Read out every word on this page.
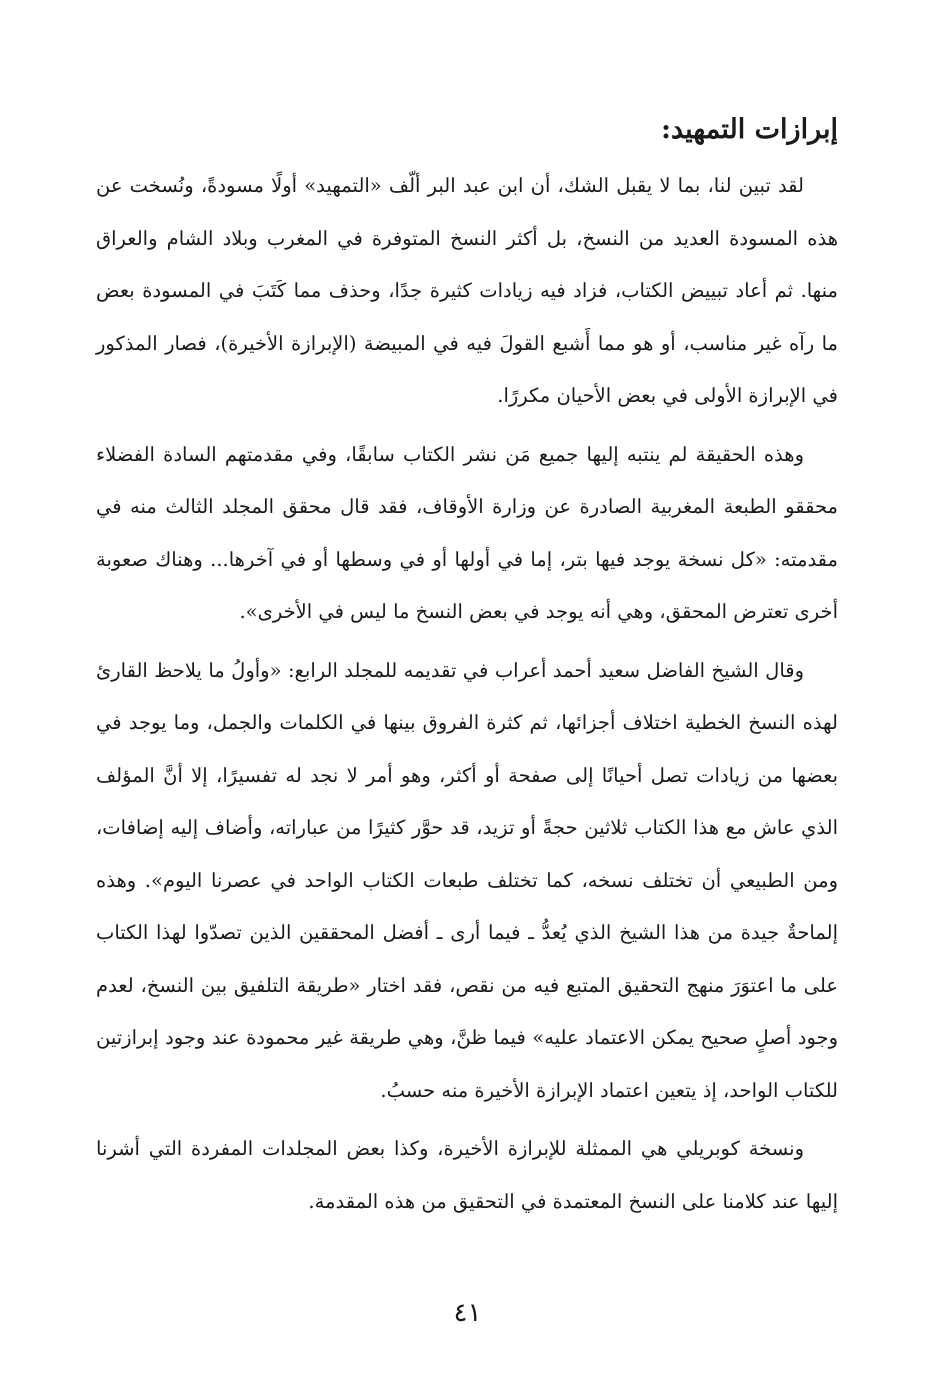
إبرازات التمهيد:

لقد تبين لنا، بما لا يقبل الشك، أن ابن عبد البر ألّف «التمهيد» أولًا مسودةً، ونُسخت عن هذه المسودة العديد من النسخ، بل أكثر النسخ المتوفرة في المغرب وبلاد الشام والعراق منها. ثم أعاد تبييض الكتاب، فزاد فيه زيادات كثيرة جدًا، وحذف مما كَتَبَ في المسودة بعض ما رآه غير مناسب، أو هو مما أَشبع القولَ فيه في المبيضة (الإبرازة الأخيرة)، فصار المذكور في الإبرازة الأولى في بعض الأحيان مكررًا.

وهذه الحقيقة لم ينتبه إليها جميع مَن نشر الكتاب سابقًا، وفي مقدمتهم السادة الفضلاء محققو الطبعة المغربية الصادرة عن وزارة الأوقاف، فقد قال محقق المجلد الثالث منه في مقدمته: «كل نسخة يوجد فيها بتر، إما في أولها أو في وسطها أو في آخرها... وهناك صعوبة أخرى تعترض المحقق، وهي أنه يوجد في بعض النسخ ما ليس في الأخرى».

وقال الشيخ الفاضل سعيد أحمد أعراب في تقديمه للمجلد الرابع: «وأولُ ما يلاحظ القارئ لهذه النسخ الخطية اختلاف أجزائها، ثم كثرة الفروق بينها في الكلمات والجمل، وما يوجد في بعضها من زيادات تصل أحيانًا إلى صفحة أو أكثر، وهو أمر لا نجد له تفسيرًا، إلا أنَّ المؤلف الذي عاش مع هذا الكتاب ثلاثين حجةً أو تزيد، قد حوَّر كثيرًا من عباراته، وأضاف إليه إضافات، ومن الطبيعي أن تختلف نسخه، كما تختلف طبعات الكتاب الواحد في عصرنا اليوم». وهذه إلماحةٌ جيدة من هذا الشيخ الذي يُعدُّ ـ فيما أرى ـ أفضل المحققين الذين تصدّوا لهذا الكتاب على ما اعتوَرَ منهج التحقيق المتبع فيه من نقص، فقد اختار «طريقة التلفيق بين النسخ، لعدم وجود أصلٍ صحيح يمكن الاعتماد عليه» فيما ظنَّ، وهي طريقة غير محمودة عند وجود إبرازتين للكتاب الواحد، إذ يتعين اعتماد الإبرازة الأخيرة منه حسبُ.

ونسخة كوبريلي هي الممثلة للإبرازة الأخيرة، وكذا بعض المجلدات المفردة التي أشرنا إليها عند كلامنا على النسخ المعتمدة في التحقيق من هذه المقدمة.

٤١
